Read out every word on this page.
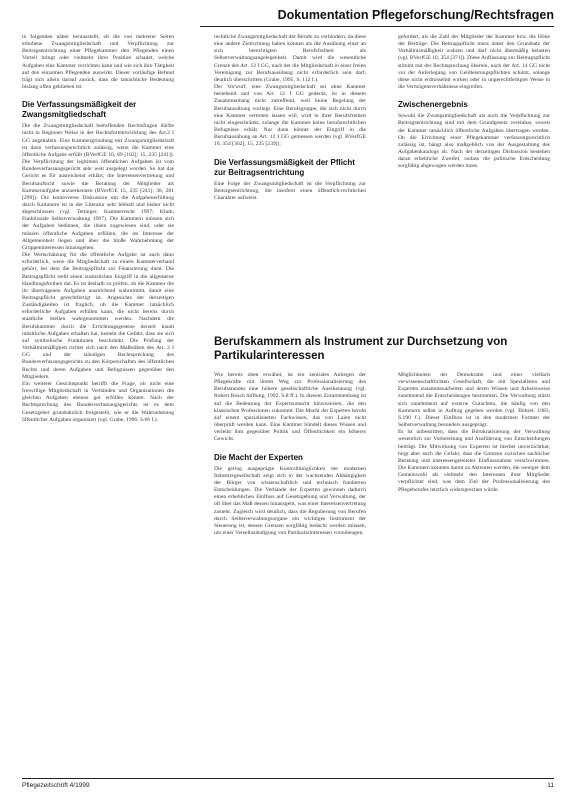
Dokumentation Pflegeforschung/Rechtsfragen

in folgenden näher herausstellt, ob die von mehrerer Seiten erhobene Zwangsmitgliedschaft und Verpflichtung zur Beitragsentrichtung einer Pflegekammer den Pflegenden einen Vorteil bringt oder vielmehr ihrer Position schadet, welche Aufgaben eine Kammer verrichten kann und wie sich ihre Tätigkeit auf den einzelnen Pflegenden auswirkt. Dieser vorläufige Befund trägt sich allein darauf zurück, dass die tatsächliche Bedeutung bislang offen geblieben ist.

Die Verfassungsmäßigkeit der Zwangsmitgliedschaft

Die die Zwangsmitgliedschaft betreffenden Rechtsfragen dürfte nicht in Beginner Weise in der Rechtsfortentwicklung des Art.2 I GG angehalten. Eine Kammergründung mit Zwangsmitgliedschaft ist dann verfassungsrechtlich zulässig, wenn die Kammer eine öffentliche Aufgabe erfüllt (BVerfGE 10, 89 [102]; 15, 235 [241]). Die Verpflichtung der legitimen öffentlichen Aufgaben ist vom Bundesverfassungsgericht sehr weit ausgelegt worden. So hat das Gericht es für ausreichend erklärt, die Interessenvertretung und Berufsaufsicht sowie die Beratung der Mitglieder als Kammeraufgabe anzuerkennen (BVerfGE 15, 235 [241]; 38, 281 [299]). Die kontroverse Diskussion um die Aufgabenerfüllung durch Kammern ist in der Literatur sehr lebhaft und bisher nicht abgeschlossen (vgl. Tettinger, Kammerrecht 1997; Kluth, Funktionale Selbstverwaltung 1997). Die Kammern müssen sich der Aufgaben bedienen, die ihnen zugewiesen sind, oder sie müssen öffentliche Aufgaben erfüllen, die im Interesse der Allgemeinheit liegen und über die bloße Wahrnehmung der Gruppeninteressen hinausgehen.

Die Wertschätzung für die öffentliche Aufgabe ist auch dann erforderlich, wenn die Mitgliedschaft zu einem Kammerverband gehört, bei dem die Beitragspflicht zur Finanzierung dient. Die Beitragspflicht stellt einen zusätzlichen Eingriff in die allgemeine Handlungsfreiheit dar. Es ist deshalb zu prüfen, ob die Kammer die ihr übertragenen Aufgaben ausreichend wahrnimmt, damit eine Beitragspflicht gerechtfertigt ist. Angesichts der derzeitigen Zuständigkeiten ist fraglich, ob die Kammer tatsächlich erforderliche Aufgaben erfüllen kann, die nicht bereits durch staatliche Stellen wahrgenommen werden. Nachdem die Berufskammer durch die Errichtungsgesetze derzeit kaum inhaltliche Aufgaben erhalten hat, besteht die Gefahr, dass sie sich auf symbolische Funktionen beschränkt. Die Prüfung der Verhältnismäßigkeit richtet sich nach den Maßstäben des Art. 2 I GG und der ständigen Rechtsprechung des Bundesverfassungsgerichts zu den Körperschaften des öffentlichen Rechts und deren Aufgaben und Befugnissen gegenüber den Mitgliedern.

Ein weiterer Gesichtspunkt betrifft die Frage, ob nicht eine freiwillige Mitgliedschaft in Verbänden und Organisationen die gleichen Aufgaben ebenso gut erfüllen könnte. Nach der Rechtsprechung des Bundesverfassungsgerichts ist es dem Gesetzgeber grundsätzlich freigestellt, wie er die Wahrnehmung öffentlicher Aufgaben organisiert (vgl. Grabe, 1996, S.66 f.).

rechtliche Zwangsmitgliedschaft der Berufe zu verhindern, da diese eine andere Zielrichtung haben können als die Ausübung einer an sich berechtigten Berufsfreiheit als Selbstverwaltungsangelegenheit. Damit wird die wesentliche Grenze des Art. 12 I GG, nach der die Mitgliedschaft in einer freien Vereinigung zur Berufsausübung nicht erforderlich sein darf, deutlich überschritten (Grabe, 1995, S. 112 f.).

Der Vorwurf, eine Zwangsmitgliedschaft sei ohne Kammer bestehend und von Art. 12 I GG gedeckt, ist in diesem Zusammenhang nicht zutreffend, weil keine Regelung der Berufsausübung vorliegt. Eine Berufsgruppe, die sich nicht durch eine Kammer vertreten lassen will, wird in ihrer Berufsfreiheit nicht eingeschränkt, solange die Kammer keine berufsrechtlichen Befugnisse erhält. Nur dann könnte der Eingriff in die Berufsausübung an Art. 12 I GG gemessen werden (vgl. BVerfGE 10, 354 [362]; 15, 235 [239]).

Die Verfassungsmäßigkeit der Pflicht zur Beitragsentrichtung

Eine Folge der Zwangsmitgliedschaft ist die Verpflichtung zur Beitragsentrichtung, die insofern einen öffentlich-rechtlichen Charakter aufweist.

gefordert, als die Zahl der Mitglieder der Kammer bzw. die Höhe der Beiträge. Die Beitragspflicht muss daher den Grundsatz der Verhältnismäßigkeit wahren und darf nicht übermäßig belasten (vgl. BVerfGE 10, 354 [371]). Diese Auffassung zur Beitragspflicht stimmt mit der Rechtsprechung überein, nach der Art. 14 GG nicht vor der Auferlegung von Geldleistungspflichten schützt, solange diese nicht erdrosselnd wirken oder in ungerechtfertigter Weise in die Vermögensverhältnisse eingreifen.

Zwischenergebnis

Sowohl die Zwangsmitgliedschaft als auch die Verpflichtung zur Beitragsentrichtung sind mit dem Grundgesetz vereinbar, soweit der Kammer tatsächlich öffentliche Aufgaben übertragen werden. Ob die Errichtung einer Pflegekammer verfassungsrechtlich zulässig ist, hängt also maßgeblich von der Ausgestaltung des Aufgabenkatalogs ab. Nach der derzeitigen Diskussion bestehen daran erhebliche Zweifel, sodass die politische Entscheidung sorgfältig abgewogen werden muss.

Berufskammern als Instrument zur Durchsetzung von Partikularinteressen

Wie bereits oben erwähnt, ist ein zentrales Anliegen der Pflegekräfte mit ihrem Weg zur Professionalisierung des Berufsstandes eine höhere gesellschaftliche Anerkennung (vgl. Robert Bosch Stiftung, 1992, S.8 ff.). In diesem Zusammenhang ist auf die Bedeutung der Expertenmacht hinzuweisen, die den klassischen Professionen zukommt. Die Macht der Experten beruht auf einem spezialisierten Fachwissen, das von Laien nicht überprüft werden kann. Eine Kammer bündelt dieses Wissen und verleiht ihm gegenüber Politik und Öffentlichkeit ein höheres Gewicht.

Die Macht der Experten

Die gering ausgeprägte Kontrollmöglichkeit der modernen Industriegesellschaft zeigt sich in der wachsenden Abhängigkeit der Bürger von wissenschaftlich und technisch fundierten Entscheidungen. Die Verbände der Experten gewinnen dadurch einen erheblichen Einfluss auf Gesetzgebung und Verwaltung, der oft über das Maß dessen hinausgeht, was einer Interessenvertretung zusteht. Zugleich wird deutlich, dass die Regulierung von Berufen durch Selbstverwaltungsorgane ein wichtiges Instrument der Steuerung ist, dessen Grenzen sorgfältig bedacht werden müssen, um einer Verselbständigung von Partikularinteressen vorzubeugen.

Möglichkeiten der Demokratie und einer vielfach verwissenschaftlichten Gesellschaft, die mit Spezialisten und Experten zusammenarbeiten und deren Wissen und Arbeitsweise zunehmend die Entscheidungen bestimmen. Die Verwaltung stützt sich zunehmend auf externe Gutachten, die häufig von den Kammern selbst in Auftrag gegeben werden (vgl. Böhret, 1983, S.190 f.). Dieser Einfluss ist in den modernen Formen der Selbstverwaltung besonders ausgeprägt.

Es ist unbestritten, dass die Bürokratisierung der Verwaltung wesentlich zur Vorbereitung und Ausführung von Entscheidungen beiträgt. Die Mitwirkung von Experten ist hierbei unverzichtbar, birgt aber auch die Gefahr, dass die Grenzen zwischen sachlicher Beratung und interessengeleiteter Einflussnahme verschwimmen. Die Kammern könnten damit zu Akteuren werden, die weniger dem Gemeinwohl als vielmehr den Interessen ihrer Mitglieder verpflichtet sind, was dem Ziel der Professionalisierung des Pflegeberufes letztlich widersprechen würde.

Pflegezeitschrift 4/1999	11
